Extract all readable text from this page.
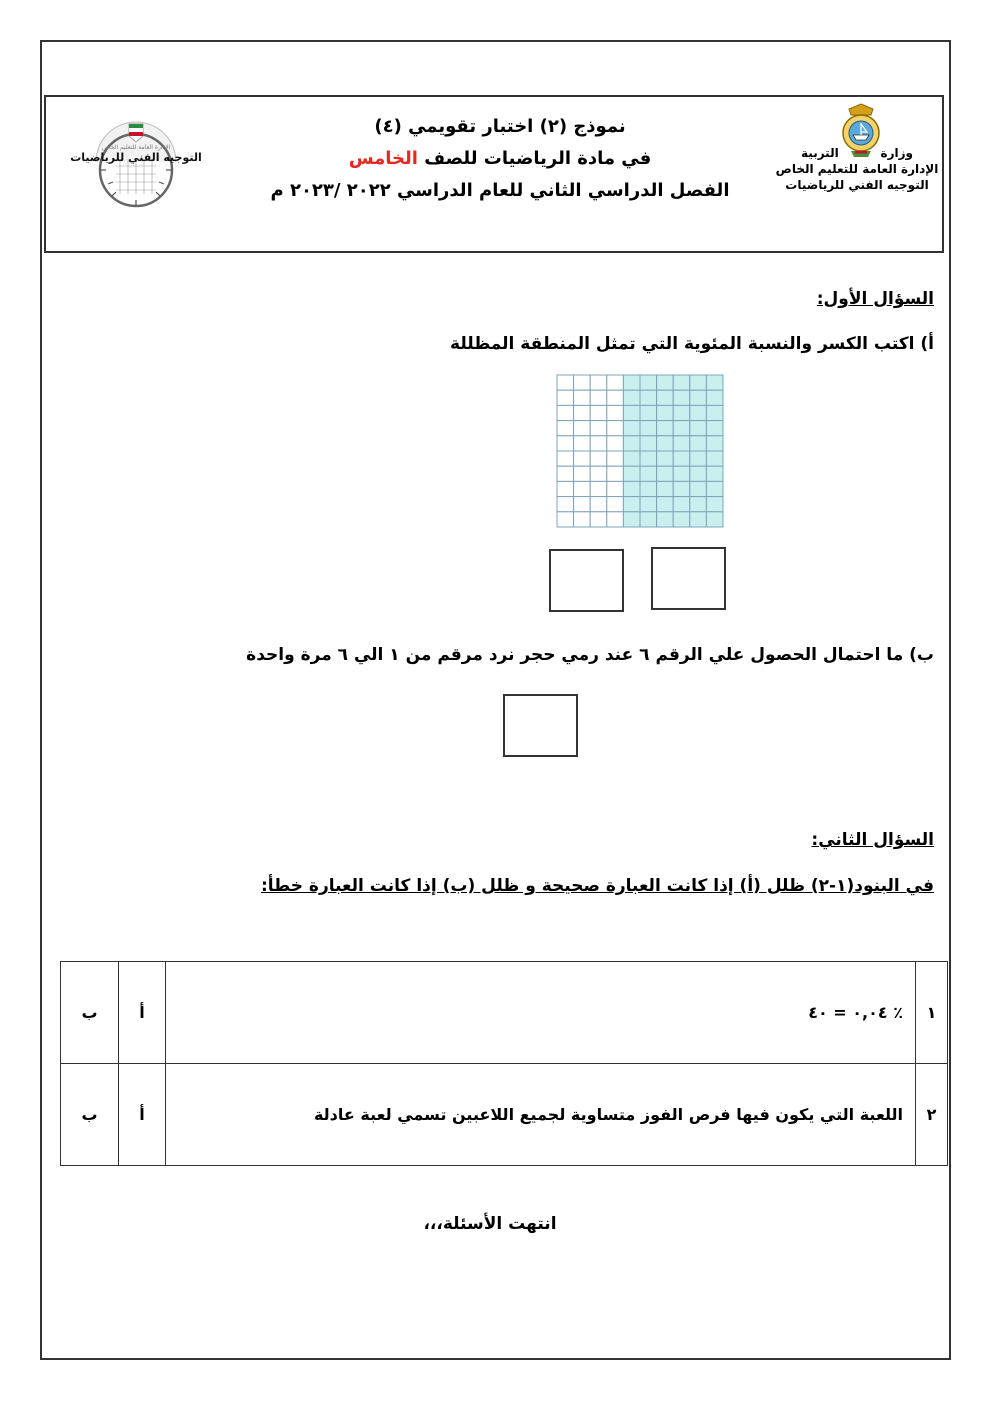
وزارة          التربية
الإدارة العامة للتعليم الخاص
التوجيه الفني للرياضيات
الإدارة العامة للتعليم الخاص
التوجيه الفني للرياضيات
نموذج (٢) اختبار تقويمي (٤)
في مادة الرياضيات للصف الخامس
الفصل الدراسي الثاني للعام الدراسي ٢٠٢٢ /٢٠٢٣ م
السؤال الأول:
أ) اكتب الكسر والنسبة المئوية التي تمثل المنطقة المظللة
ب) ما احتمال الحصول علي الرقم ٦ عند رمي حجر نرد مرقم من ١ الي ٦ مرة واحدة
السؤال الثاني:
في البنود(١-٢) ظلل (أ) إذا كانت العبارة صحيحة و ظلل (ب) إذا كانت العبارة خطأ:
١	٠,٠٤ = ٤٠ ٪	أ	ب
٢	اللعبة التي يكون فيها فرص الفوز متساوية لجميع اللاعبين تسمي لعبة عادلة	أ	ب
انتهت الأسئلة،،،
